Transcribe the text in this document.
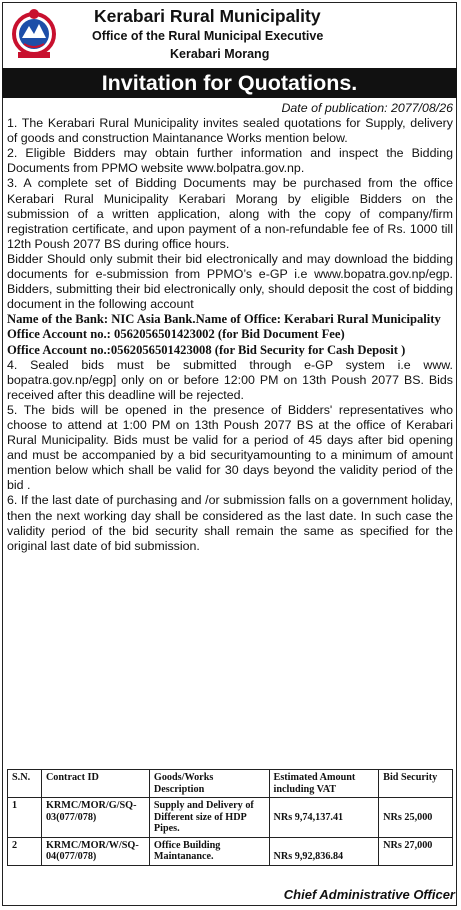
Kerabari Rural Municipality
Office of the Rural Municipal Executive
Kerabari Morang
Invitation for Quotations.

Date of publication: 2077/08/26

1. The Kerabari Rural Municipality invites sealed quotations for Supply, delivery of goods and construction Maintanance Works mention below.

2. Eligible Bidders may obtain further information and inspect the Bidding Documents from PPMO website www.bolpatra.gov.np.

3. A complete set of Bidding Documents may be purchased from the office Kerabari Rural Municipality Kerabari Morang by eligible Bidders on the submission of a written application, along with the copy of company/firm registration certificate, and upon payment of a non-refundable fee of Rs. 1000 till 12th Poush 2077 BS during office hours.

Bidder Should only submit their bid electronically and may download the bidding documents for e-submission from PPMO’s e-GP i.e www.bopatra.gov.np/egp. Bidders, submitting their bid electronically only, should deposit the cost of bidding document in the following account

Name of the Bank: NIC Asia Bank.Name of Office: Kerabari Rural Municipality

Office Account no.: 0562056501423002 (for Bid Document Fee)

Office Account no.:0562056501423008 (for Bid Security for Cash Deposit )

4. Sealed bids must be submitted through e-GP system i.e www. bopatra.gov.np/egp] only on or before 12:00 PM on 13th Poush 2077 BS. Bids received after this deadline will be rejected.

5. The bids will be opened in the presence of Bidders' representatives who choose to attend at 1:00 PM on 13th Poush 2077 BS at the office of Kerabari Rural Municipality. Bids must be valid for a period of 45 days after bid opening and must be accompanied by a bid securityamounting to a minimum of amount mention below which shall be valid for 30 days beyond the validity period of the bid .

6. If the last date of purchasing and /or submission falls on a government holiday, then the next working day shall be considered as the last date. In such case the validity period of the bid security shall remain the same as specified for the original last date of bid submission.

S.N.	Contract ID	Goods/Works Description	Estimated Amount including VAT	Bid Security
1	KRMC/MOR/G/SQ-03(077/078)	Supply and Delivery of Different size of HDP Pipes.	NRs 9,74,137.41	NRs 25,000
2	KRMC/MOR/W/SQ-04(077/078)	Office Building Maintanance.	NRs 9,92,836.84	NRs 27,000
Chief Administrative Officer
